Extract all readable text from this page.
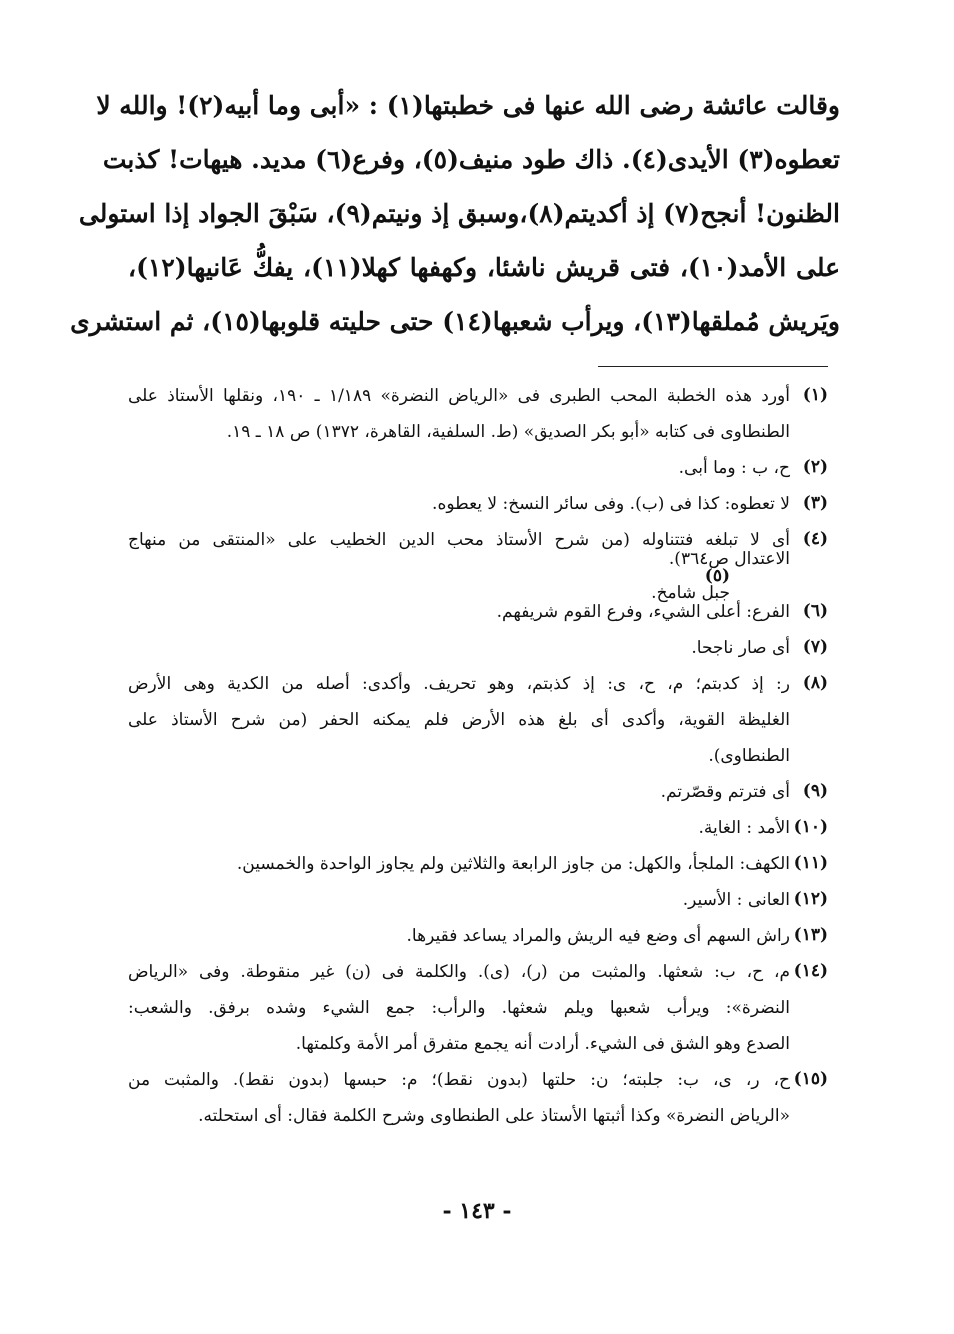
وقالت عائشة رضى الله عنها فى خطبتها(١) : «أبى وما أبيه(٢)! والله لا
تعطوه(٣) الأيدى(٤). ذاك طود منيف(٥)، وفرع(٦) مديد. هيهات! كذبت
الظنون! أنجح(٧) إذ أكديتم(٨)،وسبق إذ ونيتم(٩)، سَبْقَ الجواد إذا استولى
على الأمد(١٠)، فتى قريش ناشئا، وكهفها كهلا(١١)، يفكُّ عَانيها(١٢)،
ويَريش مُملقها(١٣)، ويرأب شعبها(١٤) حتى حليته قلوبها(١٥)، ثم استشرى
(١)
أورد هذه الخطبة المحب الطبرى فى «الرياض النضرة» ١/١٨٩ ـ ١٩٠، ونقلها الأستاذ على
الطنطاوى فى كتابه «أبو بكر الصديق» (ط. السلفية، القاهرة، ١٣٧٢) ص ١٨ ـ ١٩.
(٢)
ح، ب : وما أبى.
(٣)
لا تعطوه: كذا فى (ب). وفى سائر النسخ: لا يعطوه.
(٤)
أى لا تبلغه فتتناوله (من شرح الأستاذ محب الدين الخطيب على «المنتقى من منهاج
الاعتدال ص٣٦٤).
(٥)
جبل شامخ.
(٦)
الفرع: أعلى الشيء، وفرع القوم شريفهم.
(٧)
أى صار ناجحا.
(٨)
ر: إذ كدبتم؛ م، ح، ى: إذ كذبتم، وهو تحريف. وأكدى: أصله من الكدية وهى الأرض
الغليظة القوية، وأكدى أى بلغ هذه الأرض فلم يمكنه الحفر (من شرح الأستاذ على
الطنطاوى).
(٩)
أى فترتم وقصّرتم.
(١٠)
الأمد : الغاية.
(١١)
الكهف: الملجأ، والكهل: من جاوز الرابعة والثلاثين ولم يجاوز الواحدة والخمسين.
(١٢)
العانى : الأسير.
(١٣)
راش السهم أى وضع فيه الريش والمراد يساعد فقيرها.
(١٤)
م، ح، ب: شعثها. والمثبت من (ر)، (ى). والكلمة فى (ن) غير منقوطة. وفى «الرياض
النضرة»: ويرأب شعبها ويلم شعثها. والرأب: جمع الشيء وشده برفق. والشعب:
الصدع وهو الشق فى الشيء. أرادت أنه يجمع متفرق أمر الأمة وكلمتها.
(١٥)
ح، ر، ى، ب: جلبته؛ ن: حلتها (بدون نقط)؛ م: حبسها (بدون نقط). والمثبت من
«الرياض النضرة» وكذا أثبتها الأستاذ على الطنطاوى وشرح الكلمة فقال: أى استحلته.
- ١٤٣ -
